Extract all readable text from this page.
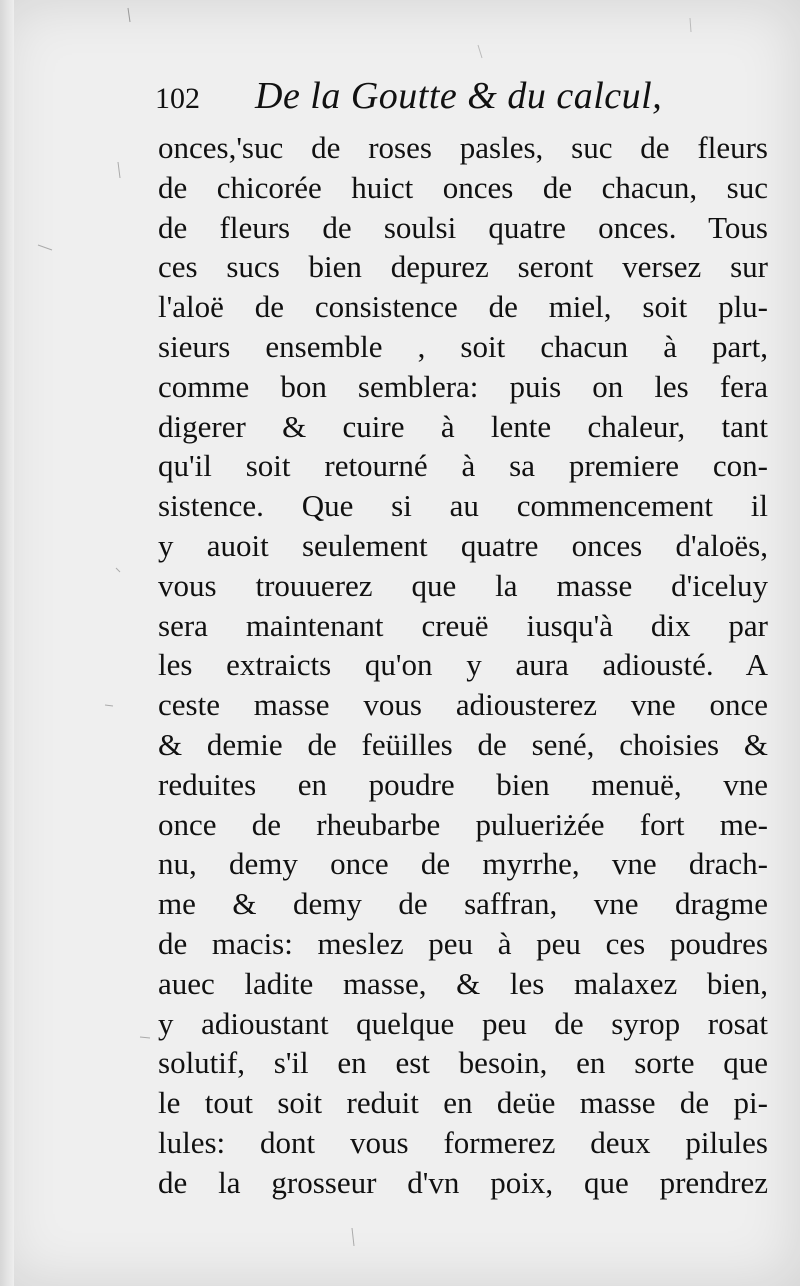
102 De la Goutte & du calcul,
onces,'suc de roses pasles, suc de fleurs
de chicorée huict onces de chacun, suc
de fleurs de soulsi quatre onces. Tous
ces sucs bien depurez seront versez sur
l'aloë de consistence de miel, soit plu-
sieurs ensemble , soit chacun à part,
comme bon semblera: puis on les fera
digerer & cuire à lente chaleur, tant
qu'il soit retourné à sa premiere con-
sistence. Que si au commencement il
y auoit seulement quatre onces d'aloës,
vous trouuerez que la masse d'iceluy
sera maintenant creuë iusqu'à dix par
les extraicts qu'on y aura adiousté. A
ceste masse vous adiousterez vne once
& demie de feüilles de sené, choisies &
reduites en poudre bien menuë, vne
once de rheubarbe pulueriżée fort me-
nu, demy once de myrrhe, vne drach-
me & demy de saffran, vne dragme
de macis: meslez peu à peu ces poudres
auec ladite masse, & les malaxez bien,
y adioustant quelque peu de syrop rosat
solutif, s'il en est besoin, en sorte que
le tout soit reduit en deüe masse de pi-
lules: dont vous formerez deux pilules
de la grosseur d'vn poix, que prendrez
